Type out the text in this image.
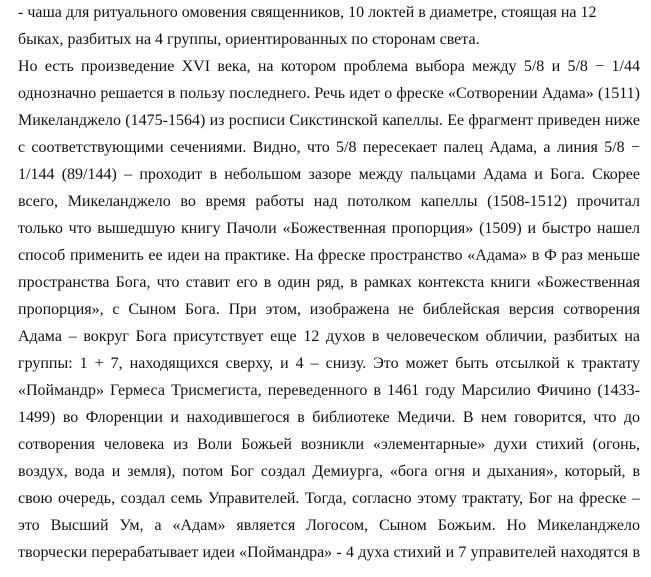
- чаша для ритуального омовения священников, 10 локтей в диаметре, стоящая на 12
быках, разбитых на 4 группы, ориентированных по сторонам света.
Но есть произведение XVI века, на котором проблема выбора между 5/8 и 5/8 − 1/44
однозначно решается в пользу последнего. Речь идет о фреске «Сотворении Адама» (1511)
Микеланджело (1475-1564) из росписи Сикстинской капеллы. Ее фрагмент приведен ниже
с соответствующими сечениями. Видно, что 5/8 пересекает палец Адама, а линия 5/8 −
1/144 (89/144) – проходит в небольшом зазоре между пальцами Адама и Бога. Скорее
всего, Микеланджело во время работы над потолком капеллы (1508-1512) прочитал
только что вышедшую книгу Пачоли «Божественная пропорция» (1509) и быстро нашел
способ применить ее идеи на практике. На фреске пространство «Адама» в Ф раз меньше
пространства Бога, что ставит его в один ряд, в рамках контекста книги «Божественная
пропорция», с Сыном Бога. При этом, изображена не библейская версия сотворения
Адама – вокруг Бога присутствует еще 12 духов в человеческом обличии, разбитых на
группы: 1 + 7, находящихся сверху, и 4 – снизу. Это может быть отсылкой к трактату
«Поймандр» Гермеса Трисмегиста, переведенного в 1461 году Марсилио Фичино (1433-
1499) во Флоренции и находившегося в библиотеке Медичи. В нем говорится, что до
сотворения человека из Воли Божьей возникли «элементарные» духи стихий (огонь,
воздух, вода и земля), потом Бог создал Демиурга, «бога огня и дыхания», который, в
свою очередь, создал семь Управителей. Тогда, согласно этому трактату, Бог на фреске –
это Высший Ум, а «Адам» является Логосом, Сыном Божьим. Но Микеланджело
творчески перерабатывает идеи «Поймандра» - 4 духа стихий и 7 управителей находятся в
